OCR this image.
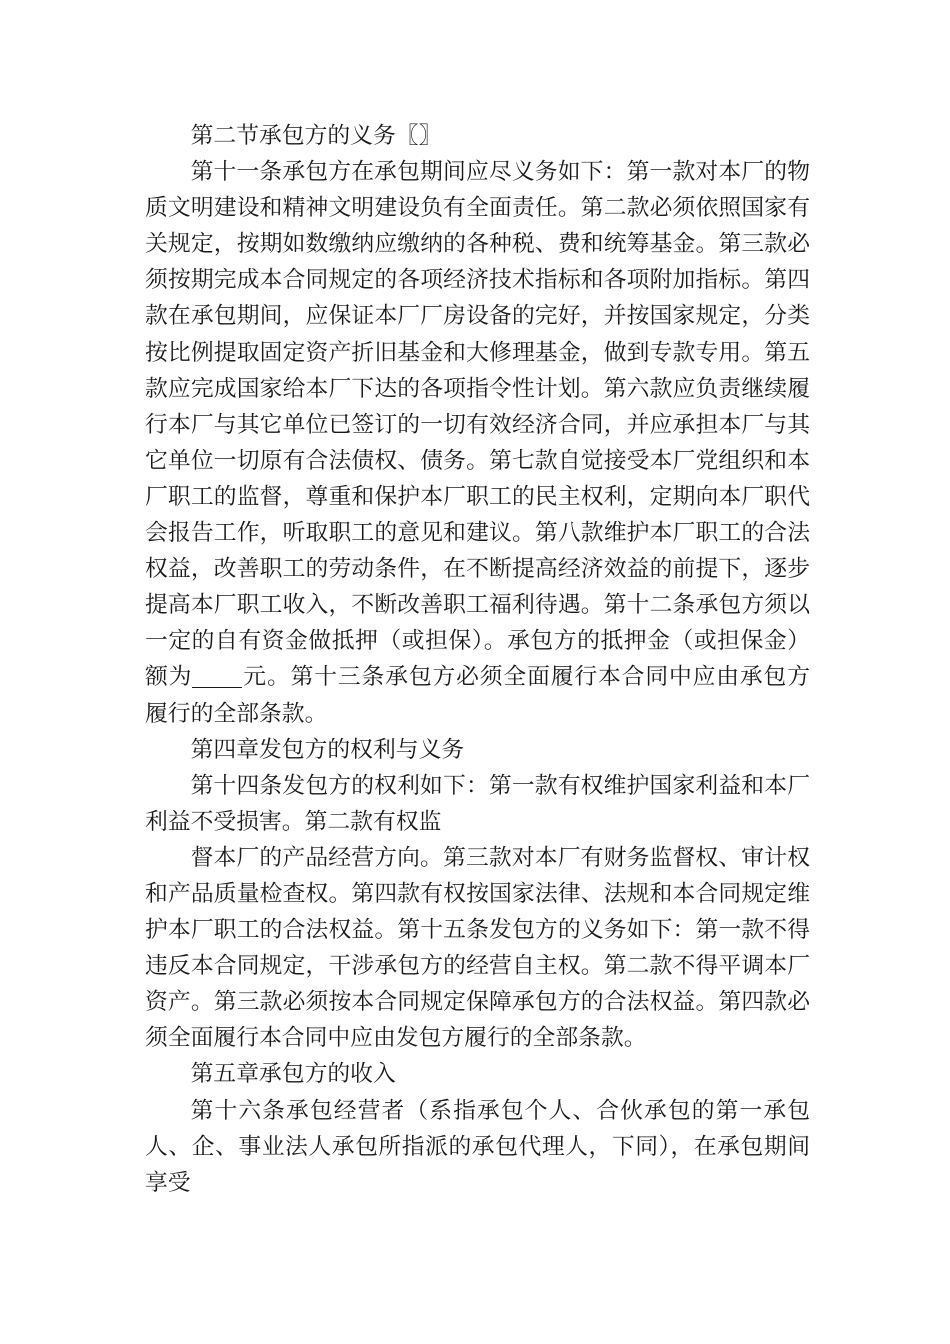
第二节承包方的义务〖〗

第十一条承包方在承包期间应尽义务如下：第一款对本厂的物质文明建设和精神文明建设负有全面责任。第二款必须依照国家有关规定，按期如数缴纳应缴纳的各种税、费和统筹基金。第三款必须按期完成本合同规定的各项经济技术指标和各项附加指标。第四款在承包期间，应保证本厂厂房设备的完好，并按国家规定，分类按比例提取固定资产折旧基金和大修理基金，做到专款专用。第五款应完成国家给本厂下达的各项指令性计划。第六款应负责继续履行本厂与其它单位已签订的一切有效经济合同，并应承担本厂与其它单位一切原有合法债权、债务。第七款自觉接受本厂党组织和本厂职工的监督，尊重和保护本厂职工的民主权利，定期向本厂职代会报告工作，听取职工的意见和建议。第八款维护本厂职工的合法权益，改善职工的劳动条件，在不断提高经济效益的前提下，逐步提高本厂职工收入，不断改善职工福利待遇。第十二条承包方须以一定的自有资金做抵押（或担保）。承包方的抵押金（或担保金）额为 元。第十三条承包方必须全面履行本合同中应由承包方履行的全部条款。

第四章发包方的权利与义务

第十四条发包方的权利如下：第一款有权维护国家利益和本厂利益不受损害。第二款有权监

督本厂的产品经营方向。第三款对本厂有财务监督权、审计权和产品质量检查权。第四款有权按国家法律、法规和本合同规定维护本厂职工的合法权益。第十五条发包方的义务如下：第一款不得违反本合同规定，干涉承包方的经营自主权。第二款不得平调本厂资产。第三款必须按本合同规定保障承包方的合法权益。第四款必须全面履行本合同中应由发包方履行的全部条款。

第五章承包方的收入

第十六条承包经营者（系指承包个人、合伙承包的第一承包人、企、事业法人承包所指派的承包代理人，下同），在承包期间享受
